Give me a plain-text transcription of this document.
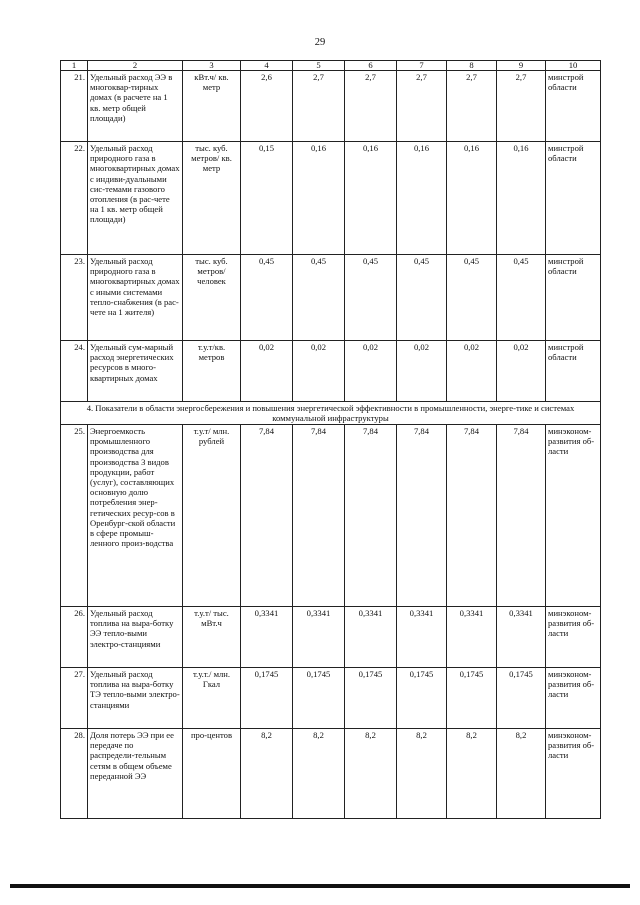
29
1	2	3	4	5	6	7	8	9	10
21.	Удельный расход ЭЭ в многоквар-тирных домах (в расчете на 1 кв. метр общей площади)	кВт.ч/ кв. метр	2,6	2,7	2,7	2,7	2,7	2,7	минстрой области
22.	Удельный расход природного газа в многоквартирных домах с индиви-дуальными сис-темами газового отопления (в рас-чете на 1 кв. метр общей площади)	тыс. куб. метров/ кв. метр	0,15	0,16	0,16	0,16	0,16	0,16	минстрой области
23.	Удельный расход природного газа в многоквартирных домах с иными системами тепло-снабжения (в рас-чете на 1 жителя)	тыс. куб. метров/ человек	0,45	0,45	0,45	0,45	0,45	0,45	минстрой области
24.	Удельный сум-марный расход энергетических ресурсов в много-квартирных домах	т.у.т/кв. метров	0,02	0,02	0,02	0,02	0,02	0,02	минстрой области
4. Показатели в области энергосбережения и повышения энергетической эффективности в промышленности, энерге-тике и системах коммунальной инфраструктуры									
25.	Энергоемкость промышленного производства для производства 3 видов продукции, работ (услуг), составляющих основную долю потребления энер-гетических ресур-сов в Оренбург-ской области в сфере промыш-ленного произ-водства	т.у.т/ млн. рублей	7,84	7,84	7,84	7,84	7,84	7,84	минэконом-развития об-ласти
26.	Удельный расход топлива на выра-ботку ЭЭ тепло-выми электро-станциями	т.у.т/ тыс. мВт.ч	0,3341	0,3341	0,3341	0,3341	0,3341	0,3341	минэконом-развития об-ласти
27.	Удельный расход топлива на выра-ботку ТЭ тепло-выми электро-станциями	т.у.т./ млн. Гкал	0,1745	0,1745	0,1745	0,1745	0,1745	0,1745	минэконом-развития об-ласти
28.	Доля потерь ЭЭ при ее передаче по распредели-тельным сетям в общем объеме переданной ЭЭ	про-центов	8,2	8,2	8,2	8,2	8,2	8,2	минэконом-развития об-ласти
